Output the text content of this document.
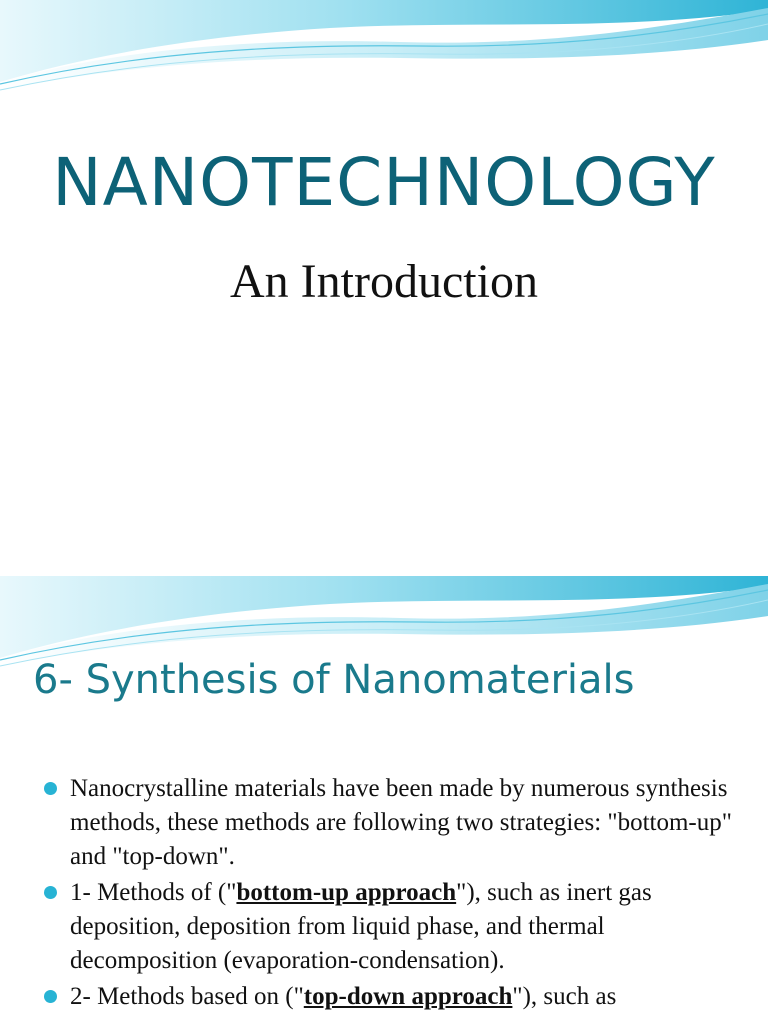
NANOTECHNOLOGY
An Introduction
6- Synthesis of Nanomaterials
Nanocrystalline materials have been made by numerous synthesis methods, these methods are following two strategies: "bottom-up" and "top-down".
1- Methods of ("bottom-up approach"), such as inert gas deposition, deposition from liquid phase, and thermal decomposition (evaporation-condensation).
2- Methods based on ("top-down approach"), such as
